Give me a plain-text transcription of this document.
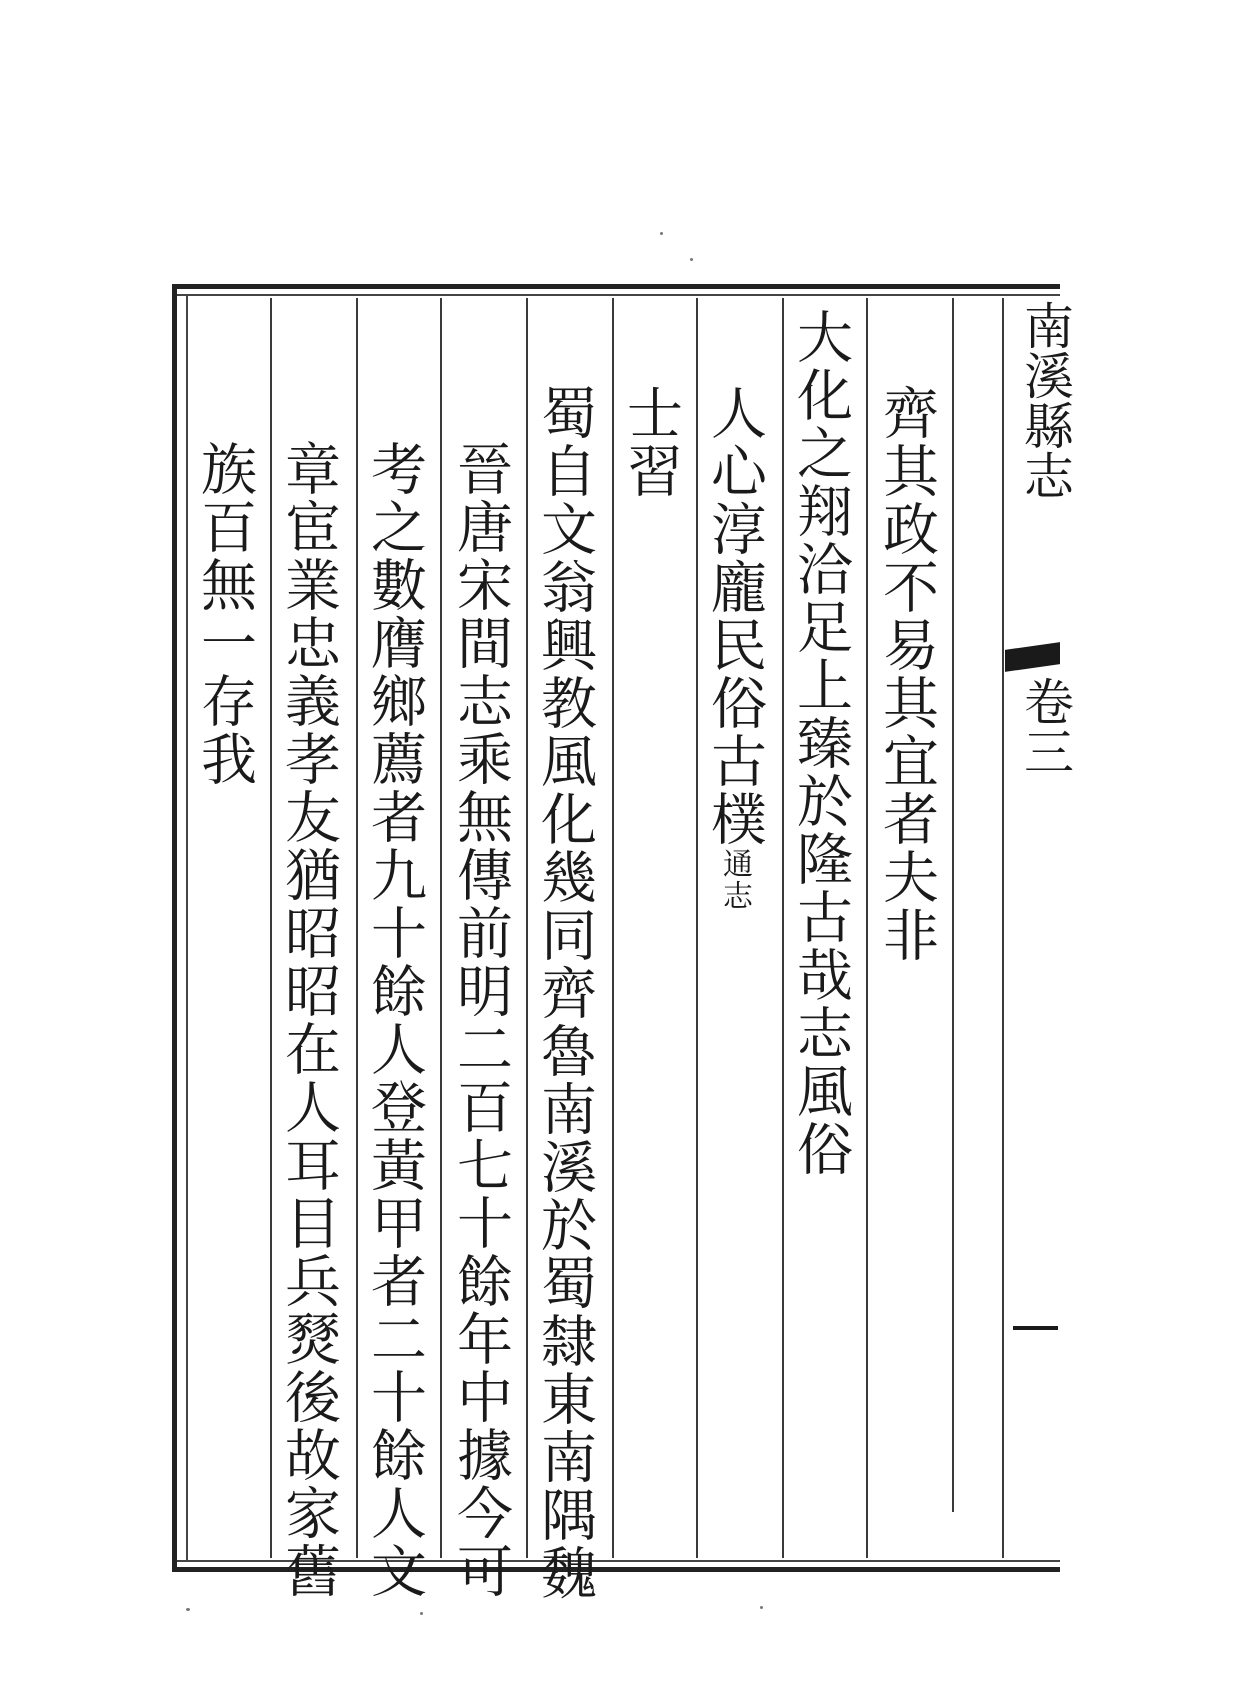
齊其政不易其宜者夫非
大化之翔洽足上臻於隆古哉志風俗
人心淳龐民俗古樸通志
士習
蜀自文翁興教風化幾同齊魯南溪於蜀隸東南隅魏
晉唐宋間志乘無傳前明二百七十餘年中據今可
考之數膺鄉薦者九十餘人登黃甲者二十餘人文
章宦業忠義孝友猶昭昭在人耳目兵燹後故家舊
族百無一存我
南溪縣志
卷三
